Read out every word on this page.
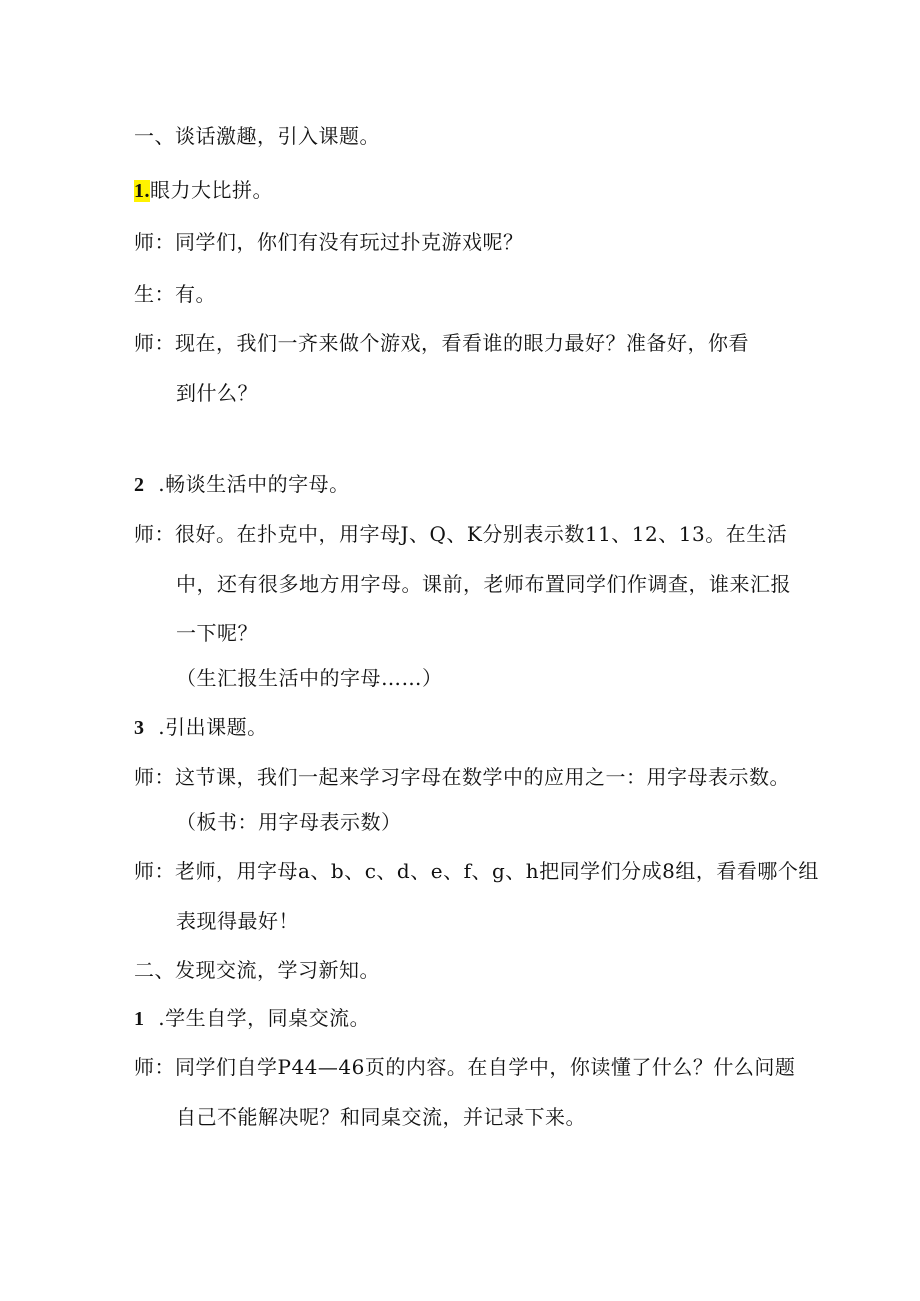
一、谈话激趣，引入课题。
1.眼力大比拼。
师：同学们，你们有没有玩过扑克游戏呢？
生：有。
师：现在，我们一齐来做个游戏，看看谁的眼力最好？准备好，你看
到什么？
2 .畅谈生活中的字母。
师：很好。在扑克中，用字母J、Q、K分别表示数11、12、13。在生活
中，还有很多地方用字母。课前，老师布置同学们作调查，谁来汇报
一下呢？
（生汇报生活中的字母……）
3 .引出课题。
师：这节课，我们一起来学习字母在数学中的应用之一：用字母表示数。
（板书：用字母表示数）
师：老师，用字母a、b、c、d、e、f、g、h把同学们分成8组，看看哪个组
表现得最好！
二、发现交流，学习新知。
1 .学生自学，同桌交流。
师：同学们自学P44—46页的内容。在自学中，你读懂了什么？什么问题
自己不能解决呢？和同桌交流，并记录下来。
